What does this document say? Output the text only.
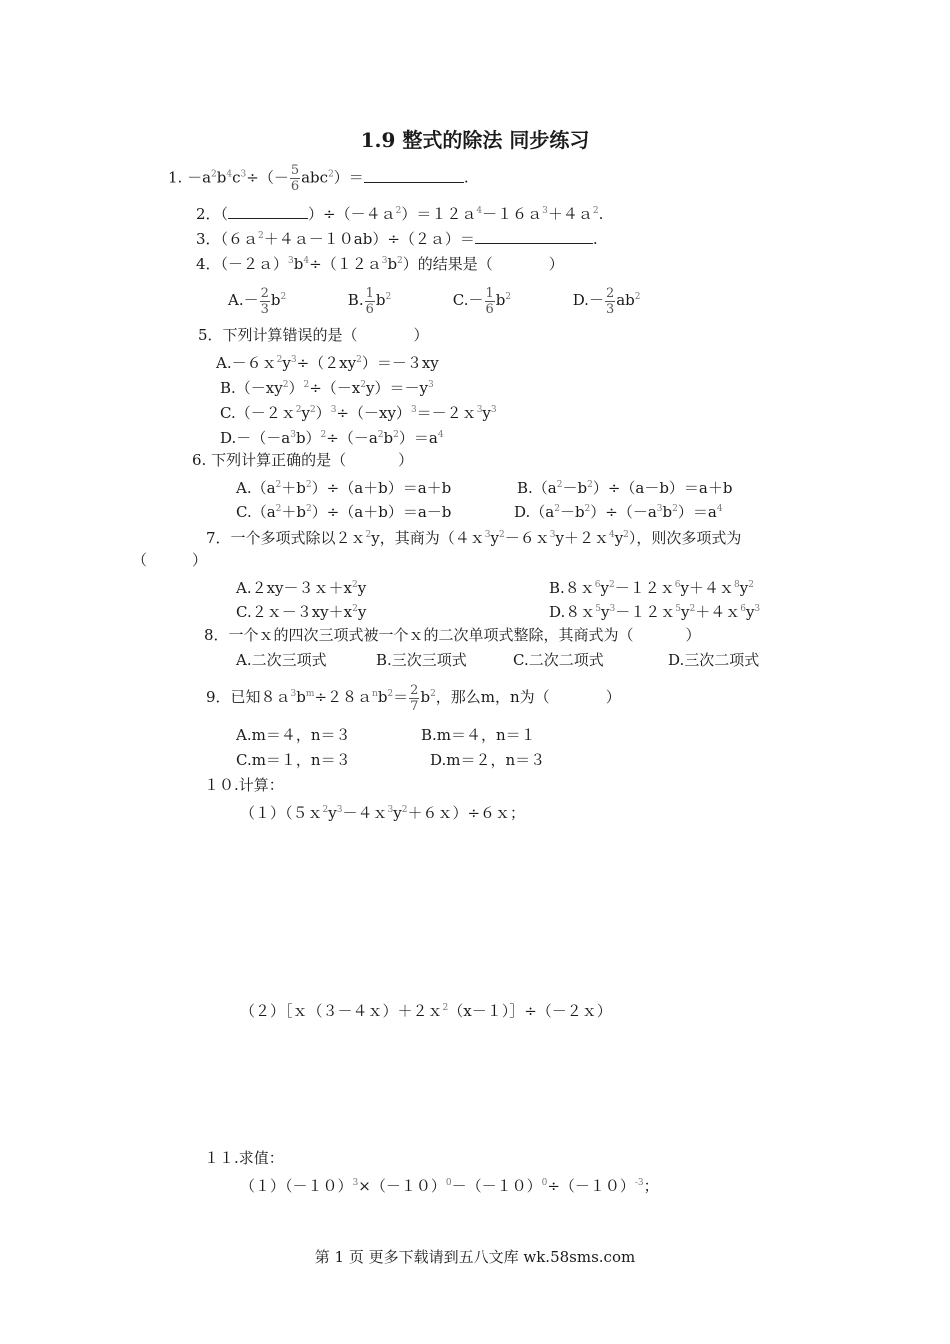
1.9 整式的除法 同步练习
1. $-a^2b^4c^3\div(- \frac{5}{6} abc^2)=$	.
2．（	）÷（－４ａ$^2$）＝１２ａ$^4$－１６ａ$^3$＋４ａ$^2$.
3．（６ａ$^2$＋４ａ－１０ab）÷（２ａ）＝	.
4．$(-2a)^3b^4\div(12a^3b^2)$的结果是（	）
$A.- \frac{2}{3} b^2$	B. $\frac{1}{6} b^2$	$C.- \frac{1}{6} b^2$	$D.- \frac{2}{3} ab^2$
5．下列计算错误的是（	）
$A.-6x^2y^3\div(2xy^2)=-3xy$
$B.(-xy^2)^2\div(-x^2y)=-y^3$
$C.(-2x^2y^2)^3\div(-xy)^3=-2x^3y^3$
$D.-(-a^3b)^2\div(-a^2b^2)=a^4$
6. 下列计算正确的是（	）
$A.(a^2+b^2)\div(a+b)=a+b$	$B.(a^2-b^2)\div(a-b)=a+b$
$C.(a^2+b^2)\div(a+b)=a-b$	$D.(a^2-b^2)\div(-a^3b^2)=a^4$
7．一个多项式除以２ｘ$^2$y，其商为$(4x^3y^2-6x^3y+2x^4y^2)$，则次多项式为
（　　　）
$A.2xy-3x+x^2y$	$B.8x^6y^2-12x^6y+4x^8y^2$
$C.2x-3xy+x^2y$	$D.8x^5y^3-12x^5y^2+4x^6y^3$
8．一个ｘ的四次三项式被一个ｘ的二次单项式整除，其商式为（	）
A.二次三项式	B.三次三项式	C.二次二项式	D.三次二项式
9．已知$8a^3b^m\div 28a^nb^2= \frac{2}{7} b^2$，那么m，n为（	）
A.m＝４，n＝３	B.m＝４，n＝１
C.m＝１，n＝３	D.m＝２，n＝３
１０.计算：
$(1)(5x^2y^3-4x^3y^2+6x)\div 6x$；
（２）［ｘ（３－４ｘ）＋２ｘ$^2$（x－１）］÷（－２ｘ）
１１.求值：
$(1)(-10)^3\times(-10)^0-(-10)^0\div(-10)^{-3}$；
第 1 页 更多下载请到五八文库 wk.58sms.com
